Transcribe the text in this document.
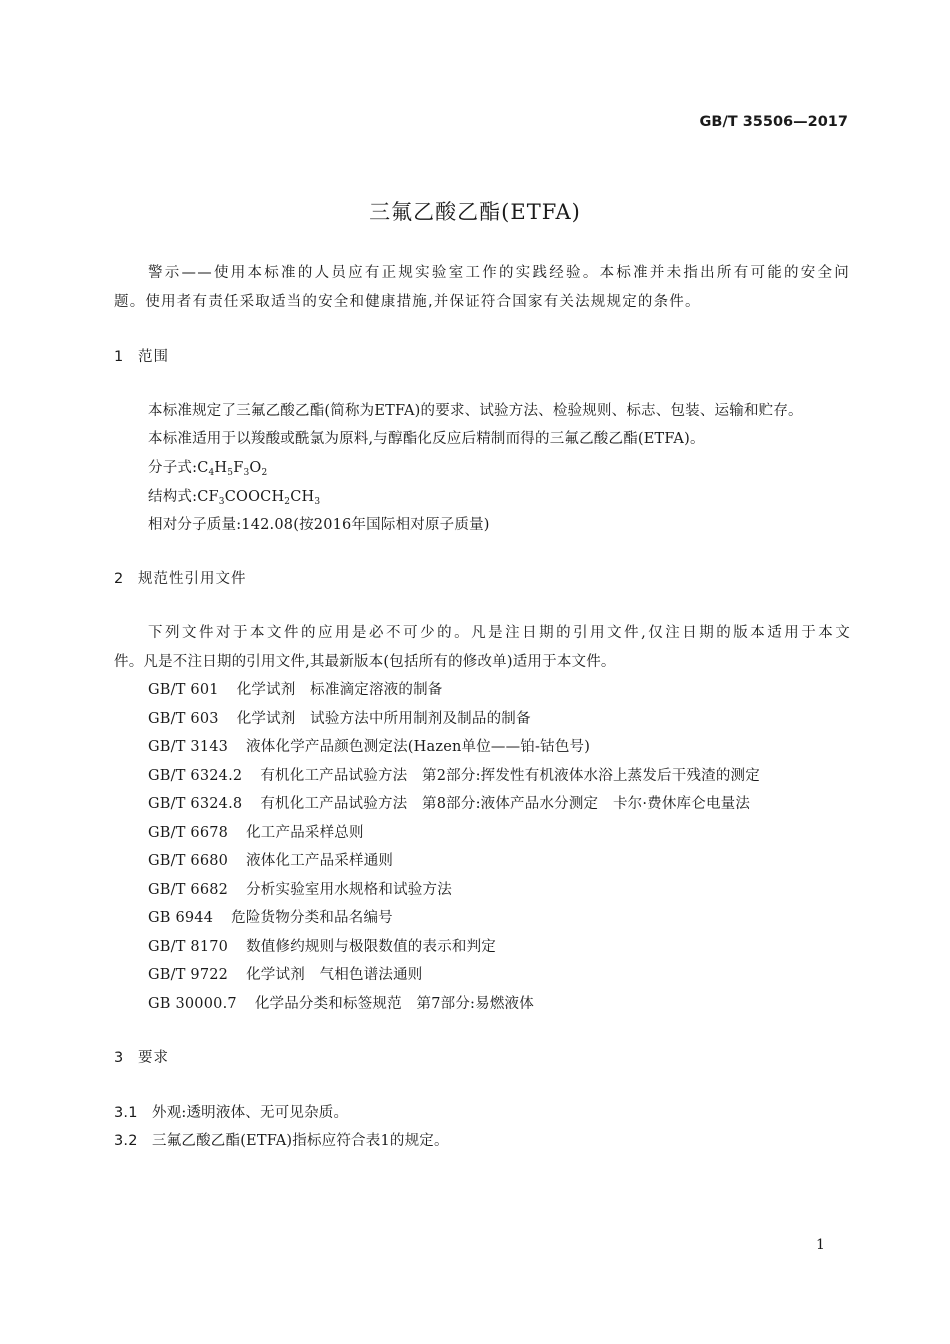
GB/T 35506—2017
三氟乙酸乙酯(ETFA)
警示——使用本标准的人员应有正规实验室工作的实践经验。本标准并未指出所有可能的安全问
题。使用者有责任采取适当的安全和健康措施,并保证符合国家有关法规规定的条件。
1 范围
本标准规定了三氟乙酸乙酯(简称为ETFA)的要求、试验方法、检验规则、标志、包装、运输和贮存。
本标准适用于以羧酸或酰氯为原料,与醇酯化反应后精制而得的三氟乙酸乙酯(ETFA)。
分子式$:C_4H_5F_3O_2$
结构式$:CF_3COOCH_2CH_3$
相对分子质量:142.08(按2016年国际相对原子质量)
2 规范性引用文件
下列文件对于本文件的应用是必不可少的。凡是注日期的引用文件,仅注日期的版本适用于本文
件。凡是不注日期的引用文件,其最新版本(包括所有的修改单)适用于本文件。
GB/T 601 化学试剂　标准滴定溶液的制备
GB/T 603 化学试剂　试验方法中所用制剂及制品的制备
GB/T 3143 液体化学产品颜色测定法(Hazen单位——铂-钴色号)
GB/T 6324.2 有机化工产品试验方法　第2部分:挥发性有机液体水浴上蒸发后干残渣的测定
GB/T 6324.8 有机化工产品试验方法　第8部分:液体产品水分测定　卡尔·费休库仑电量法
GB/T 6678 化工产品采样总则
GB/T 6680 液体化工产品采样通则
GB/T 6682 分析实验室用水规格和试验方法
GB 6944 危险货物分类和品名编号
GB/T 8170 数值修约规则与极限数值的表示和判定
GB/T 9722 化学试剂　气相色谱法通则
GB 30000.7 化学品分类和标签规范　第7部分:易燃液体
3 要求
3.1 外观:透明液体、无可见杂质。
3.2 三氟乙酸乙酯(ETFA)指标应符合表1的规定。
1
